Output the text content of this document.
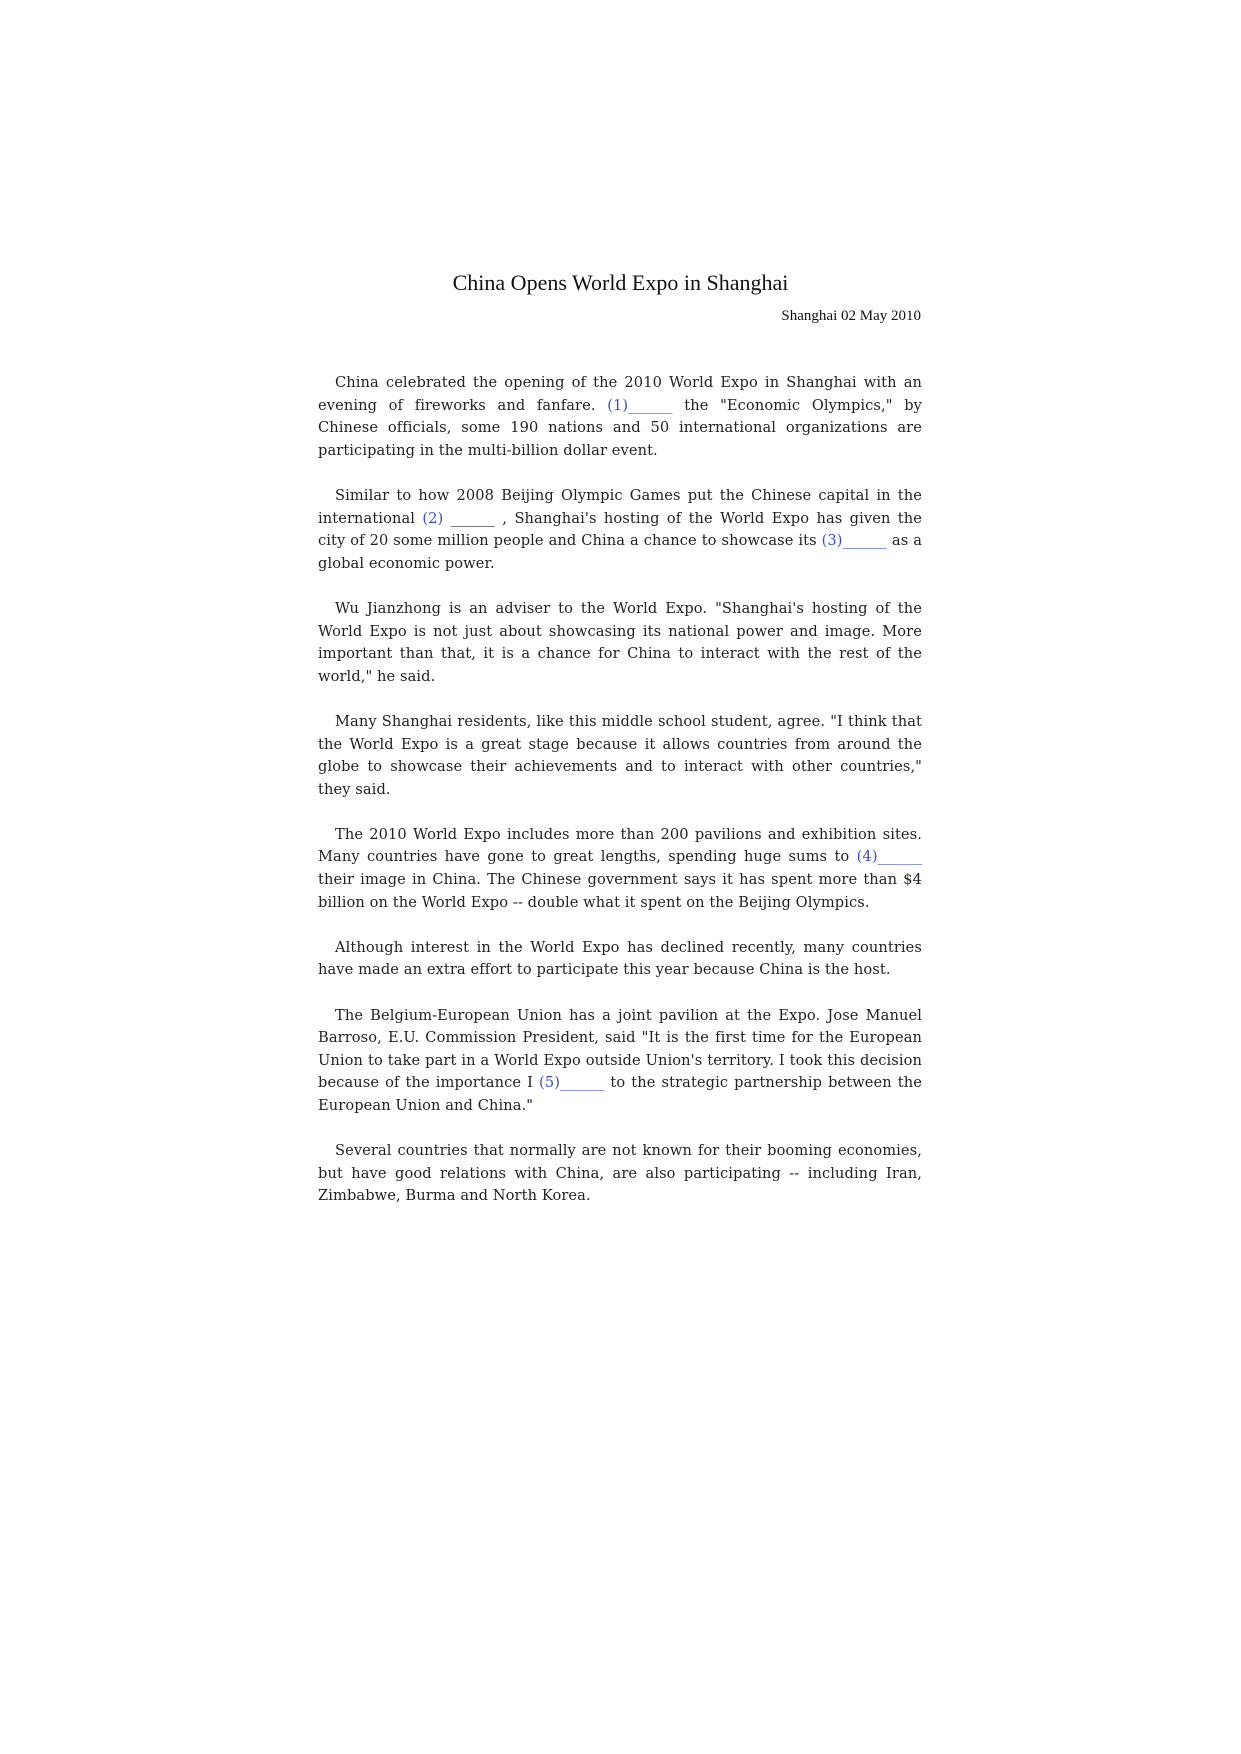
China Opens World Expo in Shanghai
Shanghai 02 May 2010

China celebrated the opening of the 2010 World Expo in Shanghai with an evening of fireworks and fanfare. (1)______ the "Economic Olympics," by Chinese officials, some 190 nations and 50 international organizations are participating in the multi-billion dollar event.

Similar to how 2008 Beijing Olympic Games put the Chinese capital in the international (2) ______ , Shanghai's hosting of the World Expo has given the city of 20 some million people and China a chance to showcase its (3)______ as a global economic power.

Wu Jianzhong is an adviser to the World Expo. "Shanghai's hosting of the World Expo is not just about showcasing its national power and image. More important than that, it is a chance for China to interact with the rest of the world," he said.

Many Shanghai residents, like this middle school student, agree. "I think that the World Expo is a great stage because it allows countries from around the globe to showcase their achievements and to interact with other countries," they said.

The 2010 World Expo includes more than 200 pavilions and exhibition sites. Many countries have gone to great lengths, spending huge sums to (4)______ their image in China. The Chinese government says it has spent more than $4 billion on the World Expo -- double what it spent on the Beijing Olympics.

Although interest in the World Expo has declined recently, many countries have made an extra effort to participate this year because China is the host.

The Belgium-European Union has a joint pavilion at the Expo. Jose Manuel Barroso, E.U. Commission President, said "It is the first time for the European Union to take part in a World Expo outside Union's territory. I took this decision because of the importance I (5)______ to the strategic partnership between the European Union and China."

Several countries that normally are not known for their booming economies, but have good relations with China, are also participating -- including Iran, Zimbabwe, Burma and North Korea.
